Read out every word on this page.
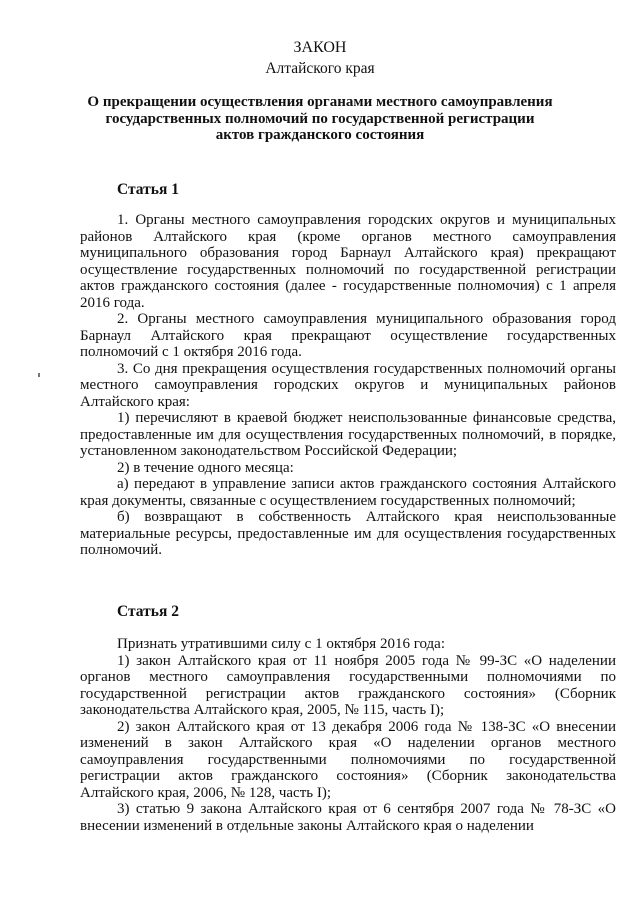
ЗАКОН
Алтайского края
О прекращении осуществления органами местного самоуправления
государственных полномочий по государственной регистрации
актов гражданского состояния
Статья 1

1. Органы местного самоуправления городских округов и муниципальных районов Алтайского края (кроме органов местного самоуправления муниципального образования город Барнаул Алтайского края) прекращают осуществление государственных полномочий по государственной регистрации актов гражданского состояния (далее - государственные полномочия) с 1 апреля 2016 года.

2. Органы местного самоуправления муниципального образования город Барнаул Алтайского края прекращают осуществление государственных полномочий с 1 октября 2016 года.

3. Со дня прекращения осуществления государственных полномочий органы местного самоуправления городских округов и муниципальных районов Алтайского края:

1) перечисляют в краевой бюджет неиспользованные финансовые средства, предоставленные им для осуществления государственных полномочий, в порядке, установленном законодательством Российской Федерации;

2) в течение одного месяца:

а) передают в управление записи актов гражданского состояния Алтайского края документы, связанные с осуществлением государственных полномочий;

б) возвращают в собственность Алтайского края неиспользованные материальные ресурсы, предоставленные им для осуществления государственных полномочий.

Статья 2

Признать утратившими силу с 1 октября 2016 года:

1) закон Алтайского края от 11 ноября 2005 года № 99-ЗС «О наделении органов местного самоуправления государственными полномочиями по государственной регистрации актов гражданского состояния» (Сборник законодательства Алтайского края, 2005, № 115, часть I);

2) закон Алтайского края от 13 декабря 2006 года № 138-ЗС «О внесении изменений в закон Алтайского края «О наделении органов местного самоуправления государственными полномочиями по государственной регистрации актов гражданского состояния» (Сборник законодательства Алтайского края, 2006, № 128, часть I);

3) статью 9 закона Алтайского края от 6 сентября 2007 года № 78-ЗС «О внесении изменений в отдельные законы Алтайского края о наделении
